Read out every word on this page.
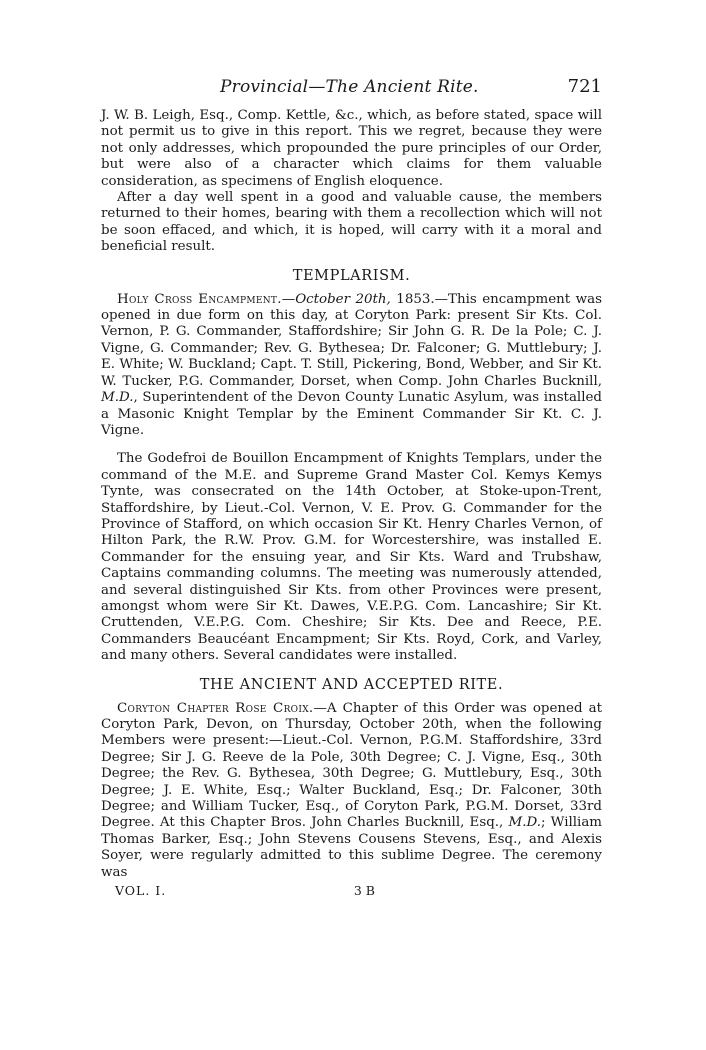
Provincial—The Ancient Rite.	721

J. W. B. Leigh, Esq., Comp. Kettle, &c., which, as before stated, space will not permit us to give in this report. This we regret, because they were not only addresses, which propounded the pure principles of our Order, but were also of a character which claims for them valuable consideration, as specimens of English eloquence.

After a day well spent in a good and valuable cause, the members returned to their homes, bearing with them a recollection which will not be soon effaced, and which, it is hoped, will carry with it a moral and beneficial result.

TEMPLARISM.

Holy Cross Encampment.—October 20th, 1853.—This encampment was opened in due form on this day, at Coryton Park: present Sir Kts. Col. Vernon, P. G. Commander, Staffordshire; Sir John G. R. De la Pole; C. J. Vigne, G. Commander; Rev. G. Bythesea; Dr. Falconer; G. Muttlebury; J. E. White; W. Buckland; Capt. T. Still, Pickering, Bond, Webber, and Sir Kt. W. Tucker, P.G. Commander, Dorset, when Comp. John Charles Bucknill, M.D., Superintendent of the Devon County Lunatic Asylum, was installed a Masonic Knight Templar by the Eminent Commander Sir Kt. C. J. Vigne.

The Godefroi de Bouillon Encampment of Knights Templars, under the command of the M.E. and Supreme Grand Master Col. Kemys Kemys Tynte, was consecrated on the 14th October, at Stoke-upon-Trent, Staffordshire, by Lieut.-Col. Vernon, V. E. Prov. G. Commander for the Province of Stafford, on which occasion Sir Kt. Henry Charles Vernon, of Hilton Park, the R.W. Prov. G.M. for Worcestershire, was installed E. Commander for the ensuing year, and Sir Kts. Ward and Trubshaw, Captains commanding columns. The meeting was numerously attended, and several distinguished Sir Kts. from other Provinces were present, amongst whom were Sir Kt. Dawes, V.E.P.G. Com. Lancashire; Sir Kt. Cruttenden, V.E.P.G. Com. Cheshire; Sir Kts. Dee and Reece, P.E. Commanders Beaucéant Encampment; Sir Kts. Royd, Cork, and Varley, and many others. Several candidates were installed.

THE ANCIENT AND ACCEPTED RITE.

Coryton Chapter Rose Croix.—A Chapter of this Order was opened at Coryton Park, Devon, on Thursday, October 20th, when the following Members were present:—Lieut.-Col. Vernon, P.G.M. Staffordshire, 33rd Degree; Sir J. G. Reeve de la Pole, 30th Degree; C. J. Vigne, Esq., 30th Degree; the Rev. G. Bythesea, 30th Degree; G. Muttlebury, Esq., 30th Degree; J. E. White, Esq.; Walter Buckland, Esq.; Dr. Falconer, 30th Degree; and William Tucker, Esq., of Coryton Park, P.G.M. Dorset, 33rd Degree. At this Chapter Bros. John Charles Bucknill, Esq., M.D.; William Thomas Barker, Esq.; John Stevens Cousens Stevens, Esq., and Alexis Soyer, were regularly admitted to this sublime Degree. The ceremony was

VOL. I.	3 B
